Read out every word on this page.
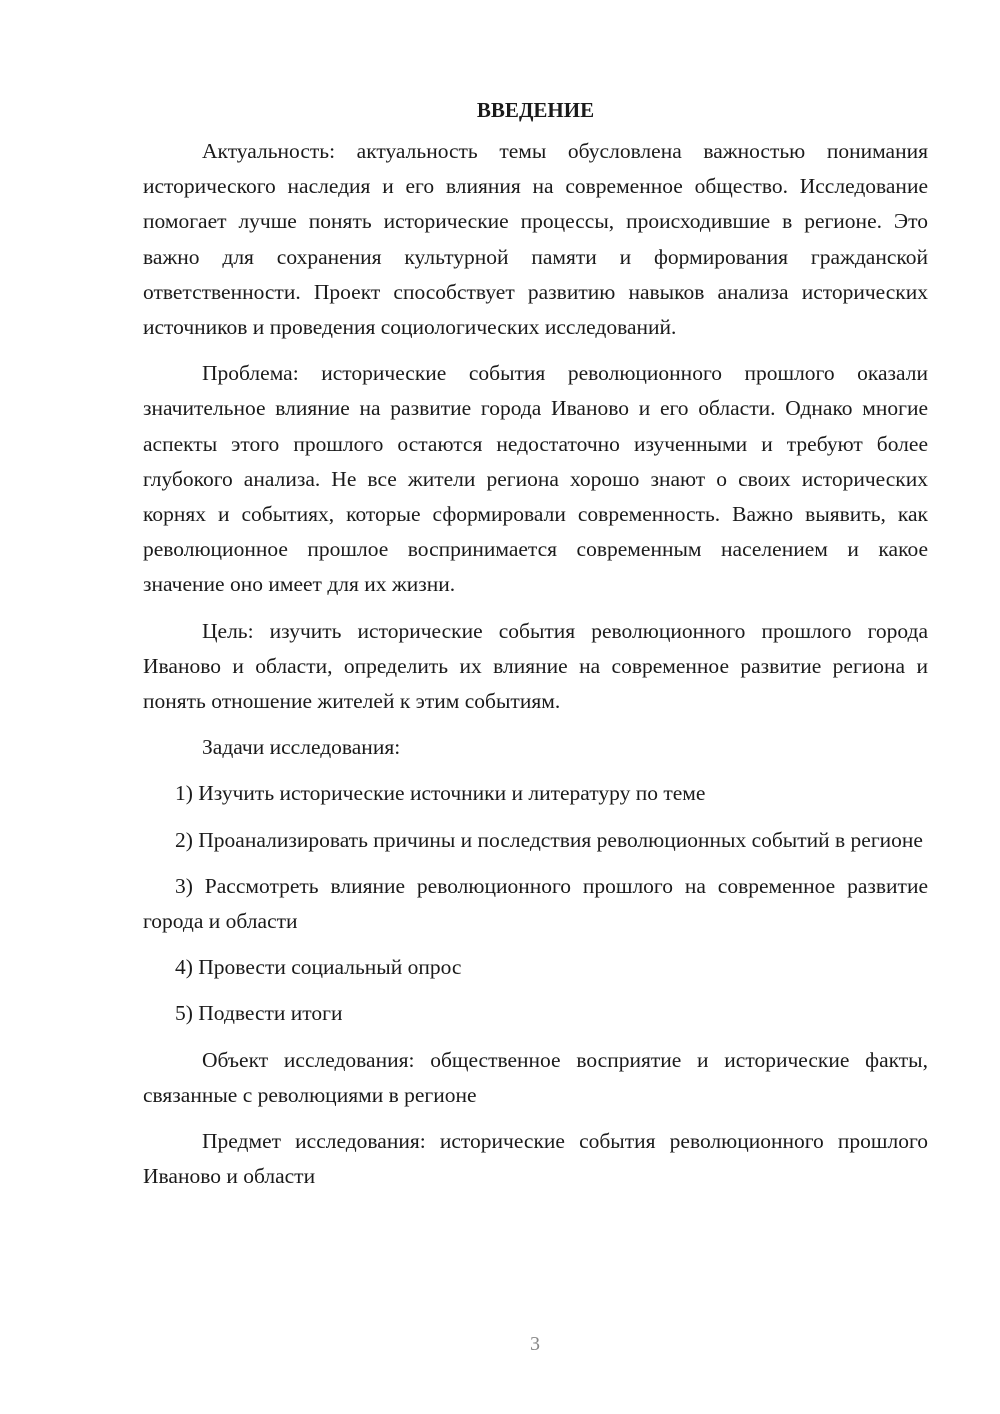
ВВЕДЕНИЕ

Актуальность: актуальность темы обусловлена важностью понимания исторического наследия и его влияния на современное общество. Исследование помогает лучше понять исторические процессы, происходившие в регионе. Это важно для сохранения культурной памяти и формирования гражданской ответственности. Проект способствует развитию навыков анализа исторических источников и проведения социологических исследований.

Проблема: исторические события революционного прошлого оказали значительное влияние на развитие города Иваново и его области. Однако многие аспекты этого прошлого остаются недостаточно изученными и требуют более глубокого анализа. Не все жители региона хорошо знают о своих исторических корнях и событиях, которые сформировали современность. Важно выявить, как революционное прошлое воспринимается современным населением и какое значение оно имеет для их жизни.

Цель: изучить исторические события революционного прошлого города Иваново и области, определить их влияние на современное развитие региона и понять отношение жителей к этим событиям.

Задачи исследования:

1) Изучить исторические источники и литературу по теме

2) Проанализировать причины и последствия революционных событий в регионе

3) Рассмотреть влияние революционного прошлого на современное развитие города и области

4) Провести социальный опрос

5) Подвести итоги

Объект исследования: общественное восприятие и исторические факты, связанные с революциями в регионе

Предмет исследования: исторические события революционного прошлого Иваново и области

3
